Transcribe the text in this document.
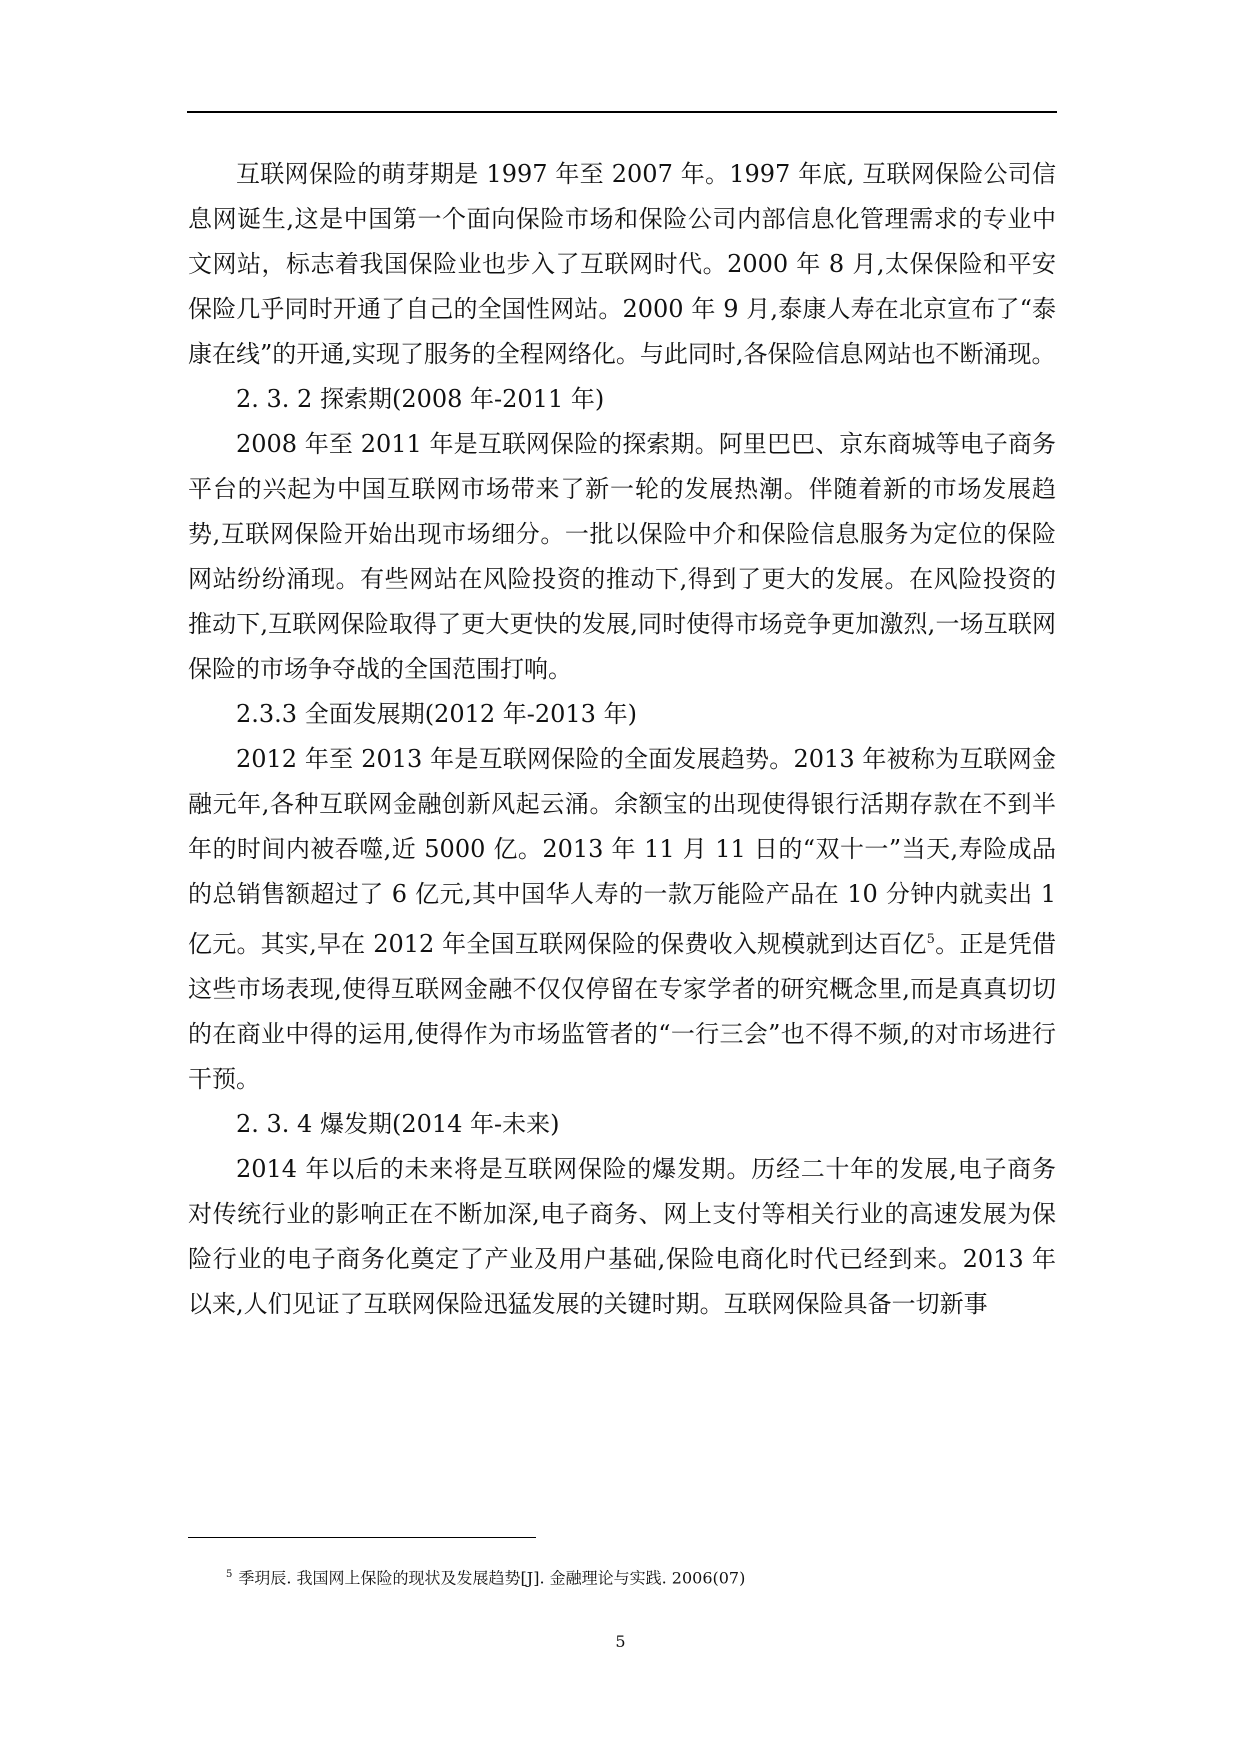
互联网保险的萌芽期是 1997 年至 2007 年。1997 年底, 互联网保险公司信息网诞生,这是中国第一个面向保险市场和保险公司内部信息化管理需求的专业中文网站，标志着我国保险业也步入了互联网时代。2000 年 8 月,太保保险和平安保险几乎同时开通了自己的全国性网站。2000 年 9 月,泰康人寿在北京宣布了“泰康在线”的开通,实现了服务的全程网络化。与此同时,各保险信息网站也不断涌现。

2. 3. 2 探索期(2008 年-2011 年)

2008 年至 2011 年是互联网保险的探索期。阿里巴巴、京东商城等电子商务平台的兴起为中国互联网市场带来了新一轮的发展热潮。伴随着新的市场发展趋势,互联网保险开始出现市场细分。一批以保险中介和保险信息服务为定位的保险网站纷纷涌现。有些网站在风险投资的推动下,得到了更大的发展。在风险投资的推动下,互联网保险取得了更大更快的发展,同时使得市场竞争更加激烈,一场互联网保险的市场争夺战的全国范围打响。

2.3.3 全面发展期(2012 年-2013 年)

2012 年至 2013 年是互联网保险的全面发展趋势。2013 年被称为互联网金融元年,各种互联网金融创新风起云涌。余额宝的出现使得银行活期存款在不到半年的时间内被吞噬,近 5000 亿。2013 年 11 月 11 日的“双十一”当天,寿险成品的总销售额超过了 6 亿元,其中国华人寿的一款万能险产品在 10 分钟内就卖出 1 亿元。其实,早在 2012 年全国互联网保险的保费收入规模就到达百亿$^5$。正是凭借这些市场表现,使得互联网金融不仅仅停留在专家学者的研究概念里,而是真真切切的在商业中得的运用,使得作为市场监管者的“一行三会”也不得不频,的对市场进行干预。

2. 3. 4 爆发期(2014 年-未来)

2014 年以后的未来将是互联网保险的爆发期。历经二十年的发展,电子商务对传统行业的影响正在不断加深,电子商务、网上支付等相关行业的高速发展为保险行业的电子商务化奠定了产业及用户基础,保险电商化时代已经到来。2013 年以来,人们见证了互联网保险迅猛发展的关键时期。互联网保险具备一切新事

$^5$ 季玥辰. 我国网上保险的现状及发展趋势[J]. 金融理论与实践. 2006(07)
5
